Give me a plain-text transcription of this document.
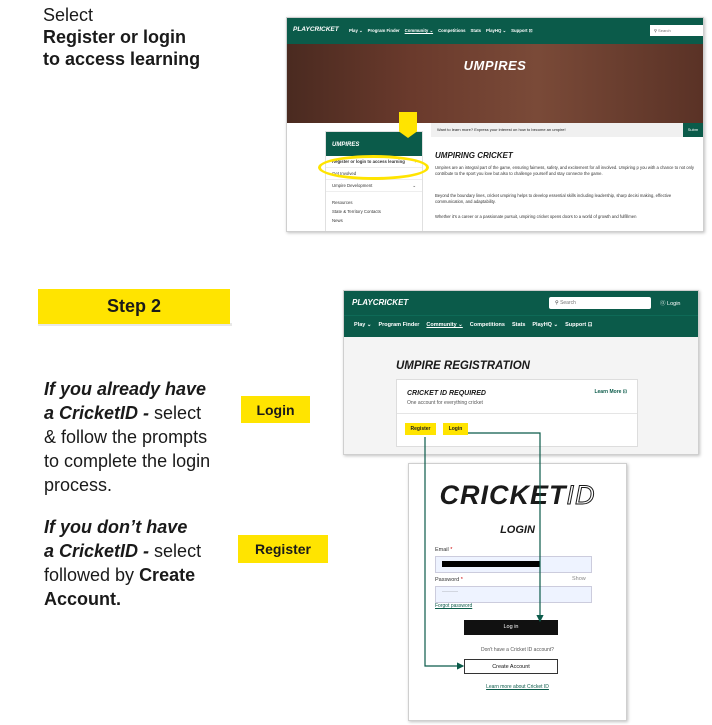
Select
Register or login
to access learning
Step 2
If you already have
a CricketID - select
& follow the prompts
to complete the login
process.
Login
If you don’t have
a CricketID - select
followed by Create
Account.
Register
PLAYCRICKET Play ⌄ Program Finder Community ⌄ Competitions Stats PlayHQ ⌄ Support ⊡	⚲ Search
UMPIRES
UMPIRES
Register or login to access learning ›
Get Involved	⌄
Umpire Development	⌄
Resources
State & Territory Contacts
News
Want to learn more? Express your interest on how to become an umpire!	Subm
UMPIRING CRICKET
Umpires are an integral part of the game, ensuring fairness, safety, and excitement for all involved. Umpiring p you with a chance to not only contribute to the sport you love but also to challenge yourself and stay connecte the game.
Beyond the boundary lines, cricket umpiring helps to develop essential skills including leadership, sharp decisi making, effective communication, and adaptability.
Whether it's a career or a passionate pursuit, umpiring cricket opens doors to a world of growth and fulfillmen
PLAYCRICKET	⚲ Search	⓪ Login
Play ⌄ Program Finder Community ⌄ Competitions Stats PlayHQ ⌄ Support ⊡
UMPIRE REGISTRATION
CRICKET ID REQUIRED
One account for everything cricket
Learn More ⊡
Register	Login
CRICKETID
LOGIN
Email *
Password *	Show
········
Forgot password
Log in
Don't have a Cricket ID account?
Create Account
Learn more about Cricket ID
